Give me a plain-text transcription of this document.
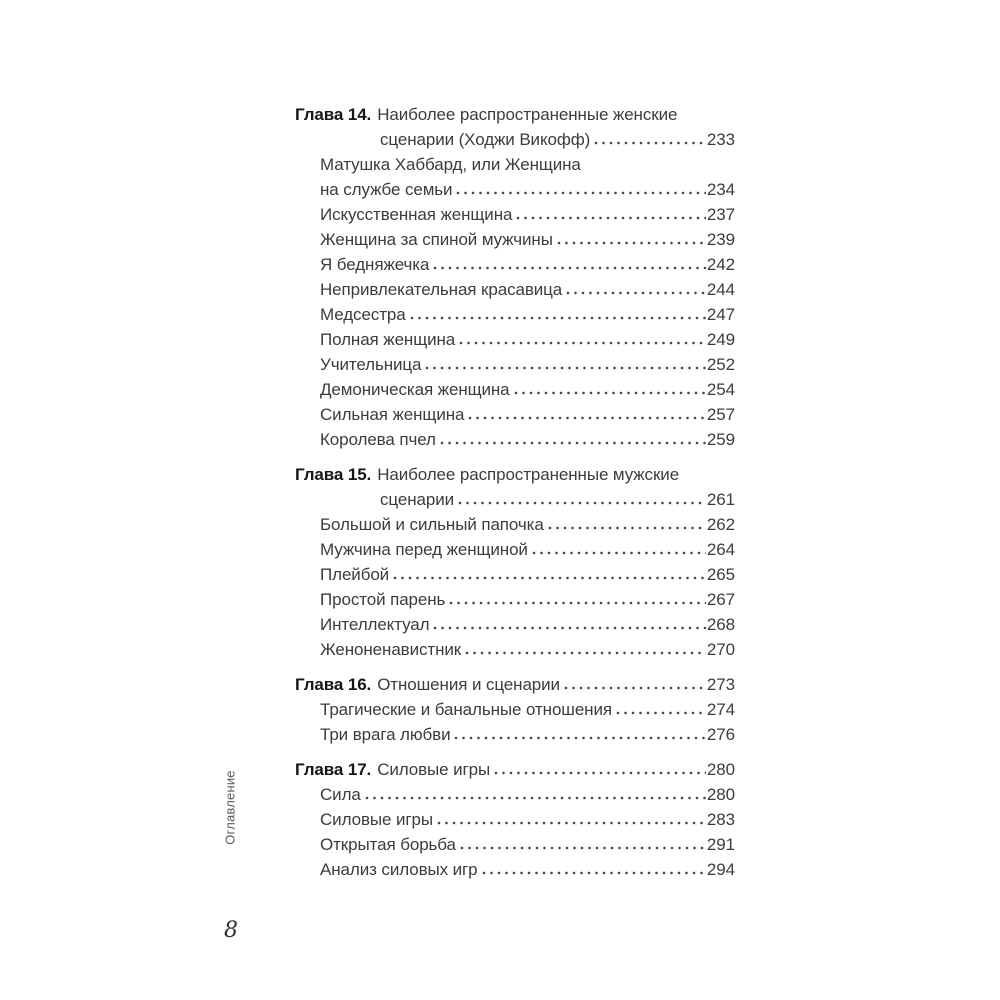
Глава 14. Наиболее распространенные женские
сценарии (Ходжи Викофф)	233
Матушка Хаббард, или Женщина
на службе семьи	234
Искусственная женщина	237
Женщина за спиной мужчины	239
Я бедняжечка	242
Непривлекательная красавица	244
Медсестра	247
Полная женщина	249
Учительница	252
Демоническая женщина	254
Сильная женщина	257
Королева пчел	259
Глава 15. Наиболее распространенные мужские
сценарии	261
Большой и сильный папочка	262
Мужчина перед женщиной	264
Плейбой	265
Простой парень	267
Интеллектуал	268
Женоненавистник	270
Глава 16. Отношения и сценарии	273
Трагические и банальные отношения	274
Три врага любви	276
Глава 17. Силовые игры	280
Сила	280
Силовые игры	283
Открытая борьба	291
Анализ силовых игр	294
Оглавление
8
